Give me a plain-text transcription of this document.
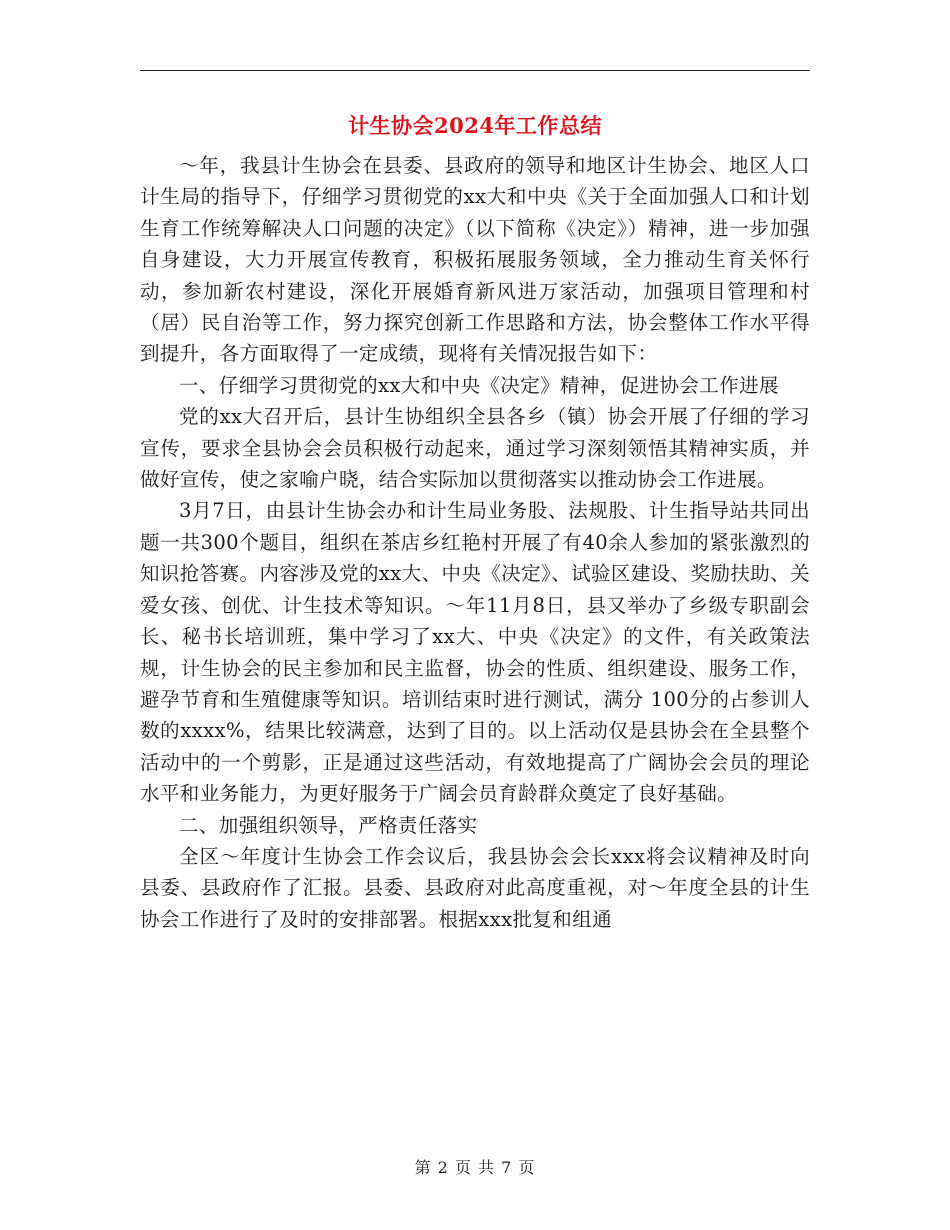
计生协会2024年工作总结

～年，我县计生协会在县委、县政府的领导和地区计生协会、地区人口计生局的指导下，仔细学习贯彻党的xx大和中央《关于全面加强人口和计划生育工作统筹解决人口问题的决定》（以下简称《决定》）精神，进一步加强自身建设，大力开展宣传教育，积极拓展服务领域，全力推动生育关怀行动，参加新农村建设，深化开展婚育新风进万家活动，加强项目管理和村（居）民自治等工作，努力探究创新工作思路和方法，协会整体工作水平得到提升，各方面取得了一定成绩，现将有关情况报告如下：

一、仔细学习贯彻党的xx大和中央《决定》精神，促进协会工作进展

党的xx大召开后，县计生协组织全县各乡（镇）协会开展了仔细的学习宣传，要求全县协会会员积极行动起来，通过学习深刻领悟其精神实质，并做好宣传，使之家喻户晓，结合实际加以贯彻落实以推动协会工作进展。

3月7日，由县计生协会办和计生局业务股、法规股、计生指导站共同出题一共300个题目，组织在茶店乡红艳村开展了有40余人参加的紧张激烈的知识抢答赛。内容涉及党的xx大、中央《决定》、试验区建设、奖励扶助、关爱女孩、创优、计生技术等知识。～年11月8日，县又举办了乡级专职副会长、秘书长培训班，集中学习了xx大、中央《决定》的文件，有关政策法规，计生协会的民主参加和民主监督，协会的性质、组织建设、服务工作，避孕节育和生殖健康等知识。培训结束时进行测试，满分 100分的占参训人数的xxxx%，结果比较满意，达到了目的。以上活动仅是县协会在全县整个活动中的一个剪影，正是通过这些活动，有效地提高了广阔协会会员的理论水平和业务能力，为更好服务于广阔会员育龄群众奠定了良好基础。

二、加强组织领导，严格责任落实

全区～年度计生协会工作会议后，我县协会会长xxx将会议精神及时向县委、县政府作了汇报。县委、县政府对此高度重视，对～年度全县的计生协会工作进行了及时的安排部署。根据xxx批复和组通

第 2 页 共 7 页
